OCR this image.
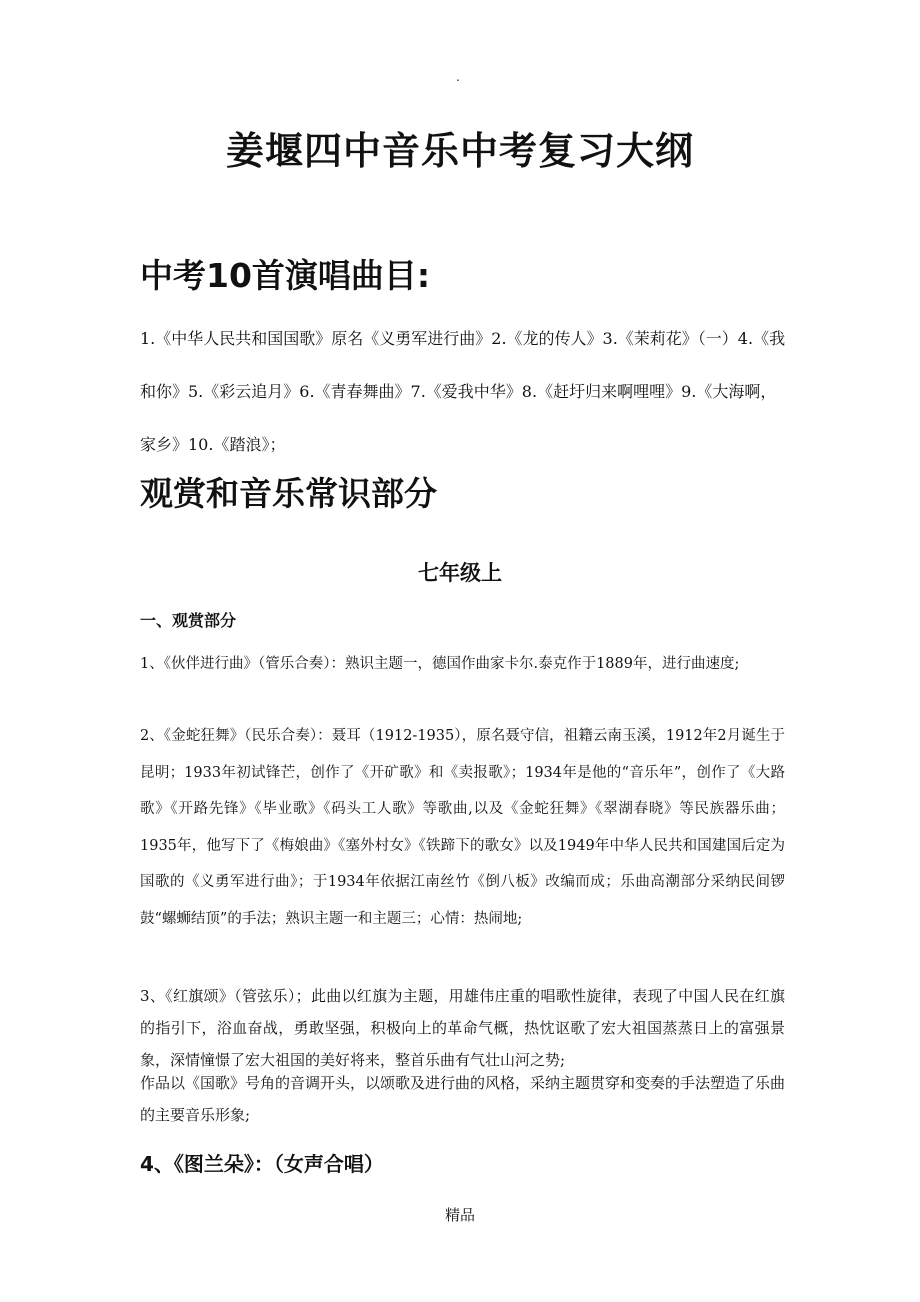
.
姜堰四中音乐中考复习大纲
中考10首演唱曲目:

1.《中华人民共和国国歌》原名《义勇军进行曲》2.《龙的传人》3.《茉莉花》（一）4.《我和你》5.《彩云追月》6.《青春舞曲》7.《爱我中华》8.《赶圩归来啊哩哩》9.《大海啊，家乡》10.《踏浪》；

观赏和音乐常识部分
七年级上
一、观赏部分

1、《伙伴进行曲》（管乐合奏）：熟识主题一，德国作曲家卡尔.泰克作于1889年，进行曲速度;

2、《金蛇狂舞》（民乐合奏）：聂耳（1912-1935），原名聂守信，祖籍云南玉溪，1912年2月诞生于昆明；1933年初试锋芒，创作了《开矿歌》和《卖报歌》；1934年是他的“音乐年”，创作了《大路歌》《开路先锋》《毕业歌》《码头工人歌》等歌曲,以及《金蛇狂舞》《翠湖春晓》等民族器乐曲；1935年，他写下了《梅娘曲》《塞外村女》《铁蹄下的歌女》以及1949年中华人民共和国建国后定为国歌的《义勇军进行曲》；于1934年依据江南丝竹《倒八板》改编而成；乐曲高潮部分采纳民间锣鼓“螺蛳结顶”的手法；熟识主题一和主题三；心情：热闹地;

3、《红旗颂》（管弦乐）；此曲以红旗为主题，用雄伟庄重的唱歌性旋律，表现了中国人民在红旗的指引下，浴血奋战，勇敢坚强，积极向上的革命气概，热忱讴歌了宏大祖国蒸蒸日上的富强景象，深情憧憬了宏大祖国的美好将来，整首乐曲有气壮山河之势;

作品以《国歌》号角的音调开头，以颂歌及进行曲的风格，采纳主题贯穿和变奏的手法塑造了乐曲的主要音乐形象;

4、《图兰朵》：（女声合唱）
精品
